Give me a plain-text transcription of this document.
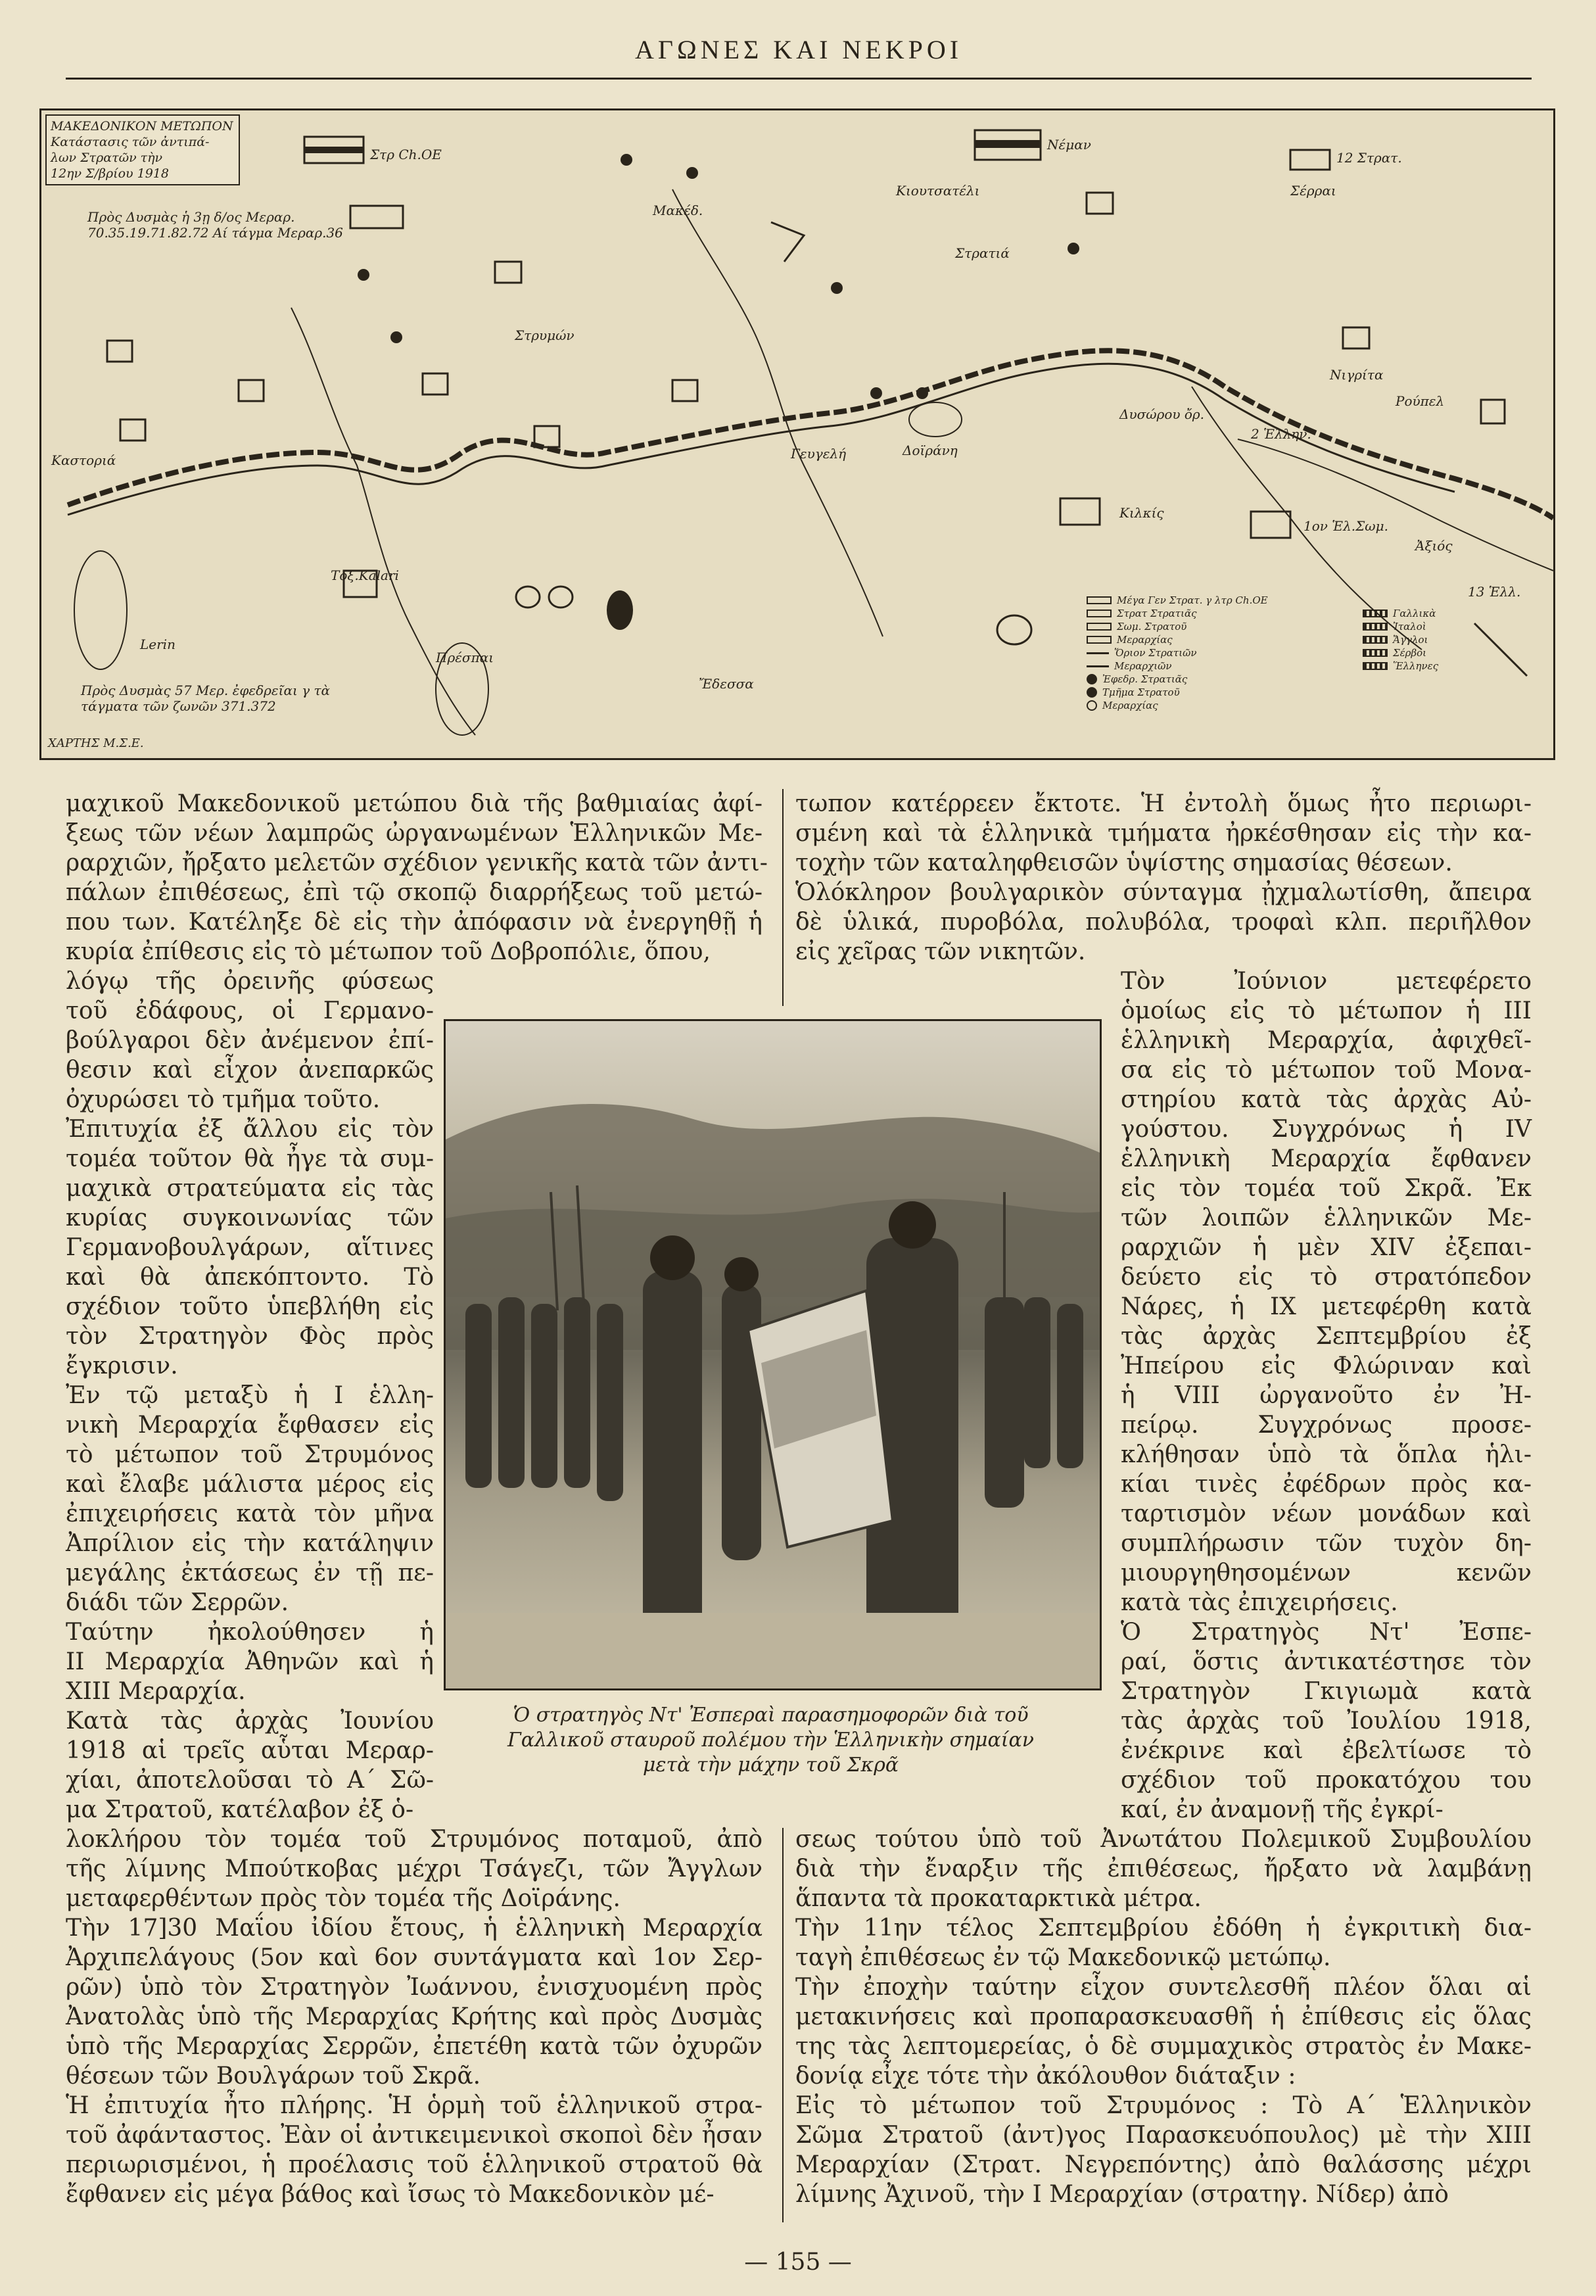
ΑΓΩΝΕΣ ΚΑΙ ΝΕΚΡΟΙ
ΜΑΚΕΔΟΝΙΚΟΝ ΜΕΤΩΠΟΝ
Κατάστασις τῶν ἀντιπά-
λων Στρατῶν τὴν
12ην Σ/βρίου 1918
Πρὸς Δυσμὰς ἡ 3ῃ δ/ος Μεραρ. 70.35.19.71.82.72 Αί τάγμα Μεραρ.36
Πρὸς Δυσμὰς 57 Μερ. ἐφεδρεῖαι γ τὰ τάγματα τῶν ζωνῶν 371.372
Στρ Ch.OE
Νέμαν
12 Στρατ.
Σέρραι
Κιουτσατέλι
Μακέδ.
Στρατιά
Στρυμών
Τοξ.Kalari
Lerin
Καστοριά
Ἔδεσσα
Κιλκίς
1ον Ἑλ.Σωμ.
2 Ἑλλην.
13 Ἑλλ.
Ἀξιός
Δυσώρου ὄρ.
Νιγρίτα
Δοϊράνη
Γευγελή
Πρέσπαι
Ρούπελ
Μέγα Γεν Στρατ. γ λτρ Ch.OE
Στρατ Στρατιᾶς
Σωμ. Στρατοῦ
Μεραρχίας
Ὅριον Στρατιῶν
Μεραρχιῶν
Ἐφεδρ. Στρατιᾶς
Τμῆμα Στρατοῦ
Μεραρχίας
Γαλλικὰ
Ἰταλοὶ
Ἄγγλοι
Σέρβοι
Ἕλληνες
ΧΑΡΤΗΣ Μ.Σ.Ε.
μαχικοῦ Μακεδονικοῦ μετώπου διὰ τῆς βαθμιαίας ἀφί-
ξεως τῶν νέων λαμπρῶς ὠργανωμένων Ἑλληνικῶν Με-
ραρχιῶν, ἤρξατο μελετῶν σχέδιον γενικῆς κατὰ τῶν ἀντι-
πάλων ἐπιθέσεως, ἐπὶ τῷ σκοπῷ διαρρήξεως τοῦ μετώ-
που των. Κατέληξε δὲ εἰς τὴν ἀπόφασιν νὰ ἐνεργηθῇ ἡ
κυρία ἐπίθεσις εἰς τὸ μέτωπον τοῦ Δοβροπόλιε, ὅπου,
λόγῳ τῆς ὀρεινῆς φύσεως
τοῦ ἐδάφους, οἱ Γερμανο-
βούλγαροι δὲν ἀνέμενον ἐπί-
θεσιν καὶ εἶχον ἀνεπαρκῶς
ὀχυρώσει τὸ τμῆμα τοῦτο.
Ἐπιτυχία ἐξ ἄλλου εἰς τὸν
τομέα τοῦτον θὰ ἦγε τὰ συμ-
μαχικὰ στρατεύματα εἰς τὰς
κυρίας συγκοινωνίας τῶν
Γερμανοβουλγάρων, αἵτινες
καὶ θὰ ἀπεκόπτοντο. Τὸ
σχέδιον τοῦτο ὑπεβλήθη εἰς
τὸν Στρατηγὸν Φὸς πρὸς
ἔγκρισιν.
Ἐν τῷ μεταξὺ ἡ Ι ἑλλη-
νικὴ Μεραρχία ἔφθασεν εἰς
τὸ μέτωπον τοῦ Στρυμόνος
καὶ ἔλαβε μάλιστα μέρος εἰς
ἐπιχειρήσεις κατὰ τὸν μῆνα
Ἀπρίλιον εἰς τὴν κατάληψιν
μεγάλης ἐκτάσεως ἐν τῇ πε-
διάδι τῶν Σερρῶν.
Ταύτην ἠκολούθησεν ἡ
ΙΙ Μεραρχία Ἀθηνῶν καὶ ἡ
ΧΙΙΙ Μεραρχία.
Κατὰ τὰς ἀρχὰς Ἰουνίου
1918 αἱ τρεῖς αὗται Μεραρ-
χίαι, ἀποτελοῦσαι τὸ Α΄ Σῶ-
μα Στρατοῦ, κατέλαβον ἐξ ὁ-
λοκλήρου τὸν τομέα τοῦ Στρυμόνος ποταμοῦ, ἀπὸ
τῆς λίμνης Μπούτκοβας μέχρι Τσάγεζι, τῶν Ἄγγλων
μεταφερθέντων πρὸς τὸν τομέα τῆς Δοϊράνης.
Τὴν 17]30 Μαΐου ἰδίου ἔτους, ἡ ἑλληνικὴ Μεραρχία
Ἀρχιπελάγους (5ον καὶ 6ον συντάγματα καὶ 1ον Σερ-
ρῶν) ὑπὸ τὸν Στρατηγὸν Ἰωάννου, ἐνισχυομένη πρὸς
Ἀνατολὰς ὑπὸ τῆς Μεραρχίας Κρήτης καὶ πρὸς Δυσμὰς
ὑπὸ τῆς Μεραρχίας Σερρῶν, ἐπετέθη κατὰ τῶν ὀχυρῶν
θέσεων τῶν Βουλγάρων τοῦ Σκρᾶ.
Ἡ ἐπιτυχία ἦτο πλήρης. Ἡ ὁρμὴ τοῦ ἑλληνικοῦ στρα-
τοῦ ἀφάνταστος. Ἐὰν οἱ ἀντικειμενικοὶ σκοποὶ δὲν ἦσαν
περιωρισμένοι, ἡ προέλασις τοῦ ἑλληνικοῦ στρατοῦ θὰ
ἔφθανεν εἰς μέγα βάθος καὶ ἴσως τὸ Μακεδονικὸν μέ-
τωπον κατέρρεεν ἔκτοτε. Ἡ ἐντολὴ ὅμως ἦτο περιωρι-
σμένη καὶ τὰ ἑλληνικὰ τμήματα ἠρκέσθησαν εἰς τὴν κα-
τοχὴν τῶν καταληφθεισῶν ὑψίστης σημασίας θέσεων.
Ὁλόκληρον βουλγαρικὸν σύνταγμα ᾐχμαλωτίσθη, ἄπειρα
δὲ ὑλικά, πυροβόλα, πολυβόλα, τροφαὶ κλπ. περιῆλθον
εἰς χεῖρας τῶν νικητῶν.
Τὸν Ἰούνιον μετεφέρετο
ὁμοίως εἰς τὸ μέτωπον ἡ ΙΙΙ
ἑλληνικὴ Μεραρχία, ἀφιχθεῖ-
σα εἰς τὸ μέτωπον τοῦ Μονα-
στηρίου κατὰ τὰς ἀρχὰς Αὐ-
γούστου. Συγχρόνως ἡ IV
ἑλληνικὴ Μεραρχία ἔφθανεν
εἰς τὸν τομέα τοῦ Σκρᾶ. Ἐκ
τῶν λοιπῶν ἑλληνικῶν Με-
ραρχιῶν ἡ μὲν XIV ἐξεπαι-
δεύετο εἰς τὸ στρατόπεδον
Νάρες, ἡ IX μετεφέρθη κατὰ
τὰς ἀρχὰς Σεπτεμβρίου ἐξ
Ἠπείρου εἰς Φλώριναν καὶ
ἡ VIII ὠργανοῦτο ἐν Ἠ-
πείρῳ. Συγχρόνως προσε-
κλήθησαν ὑπὸ τὰ ὅπλα ἡλι-
κίαι τινὲς ἐφέδρων πρὸς κα-
ταρτισμὸν νέων μονάδων καὶ
συμπλήρωσιν τῶν τυχὸν δη-
μιουργηθησομένων κενῶν
κατὰ τὰς ἐπιχειρήσεις.
Ὁ Στρατηγὸς Ντ' Ἐσπε-
ραί, ὅστις ἀντικατέστησε τὸν
Στρατηγὸν Γκιγιωμὰ κατὰ
τὰς ἀρχὰς τοῦ Ἰουλίου 1918,
ἐνέκρινε καὶ ἐβελτίωσε τὸ
σχέδιον τοῦ προκατόχου του
καί, ἐν ἀναμονῇ τῆς ἐγκρί-
σεως τούτου ὑπὸ τοῦ Ἀνωτάτου Πολεμικοῦ Συμβουλίου
διὰ τὴν ἔναρξιν τῆς ἐπιθέσεως, ἤρξατο νὰ λαμβάνῃ
ἅπαντα τὰ προκαταρκτικὰ μέτρα.
Τὴν 11ην τέλος Σεπτεμβρίου ἐδόθη ἡ ἐγκριτικὴ δια-
ταγὴ ἐπιθέσεως ἐν τῷ Μακεδονικῷ μετώπῳ.
Τὴν ἐποχὴν ταύτην εἶχον συντελεσθῆ πλέον ὅλαι αἱ
μετακινήσεις καὶ προπαρασκευασθῆ ἡ ἐπίθεσις εἰς ὅλας
της τὰς λεπτομερείας, ὁ δὲ συμμαχικὸς στρατὸς ἐν Μακε-
δονίᾳ εἶχε τότε τὴν ἀκόλουθον διάταξιν :
Εἰς τὸ μέτωπον τοῦ Στρυμόνος : Τὸ Α΄ Ἑλληνικὸν
Σῶμα Στρατοῦ (ἀντ)γος Παρασκευόπουλος) μὲ τὴν ΧΙΙΙ
Μεραρχίαν (Στρατ. Νεγρεπόντης) ἀπὸ θαλάσσης μέχρι
λίμνης Ἀχινοῦ, τὴν Ι Μεραρχίαν (στρατηγ. Νίδερ) ἀπὸ
Ὁ στρατηγὸς Ντ' Ἐσπεραὶ παρασημοφορῶν διὰ τοῦ
Γαλλικοῦ σταυροῦ πολέμου τὴν Ἑλληνικὴν σημαίαν
μετὰ τὴν μάχην τοῦ Σκρᾶ
— 155 —
